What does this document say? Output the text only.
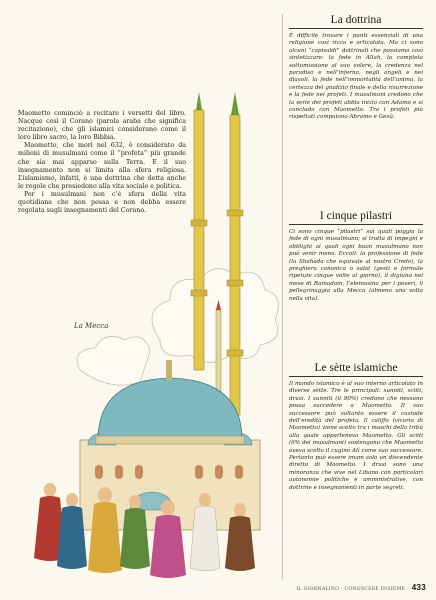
Maometto cominciò a recitare i versetti del libro. Nacque così il Corano (parola araba che significa recitazione), che gli islamici considerano come il loro libro sacro, la loro Bibbia.

Maometto, che morì nel 632, è considerato da milioni di musulmani come il “profeta” più grande che sia mai apparso sulla Terra. E il suo insegnamento non si limita alla sfera religiosa. L’islamismo, infatti, è una dottrina che detta anche le regole che presiedono alla vita sociale e politica.

Per i musulmani non c’è sfera della vita quotidiana che non possa e non debba essere regolata sugli insegnamenti del Corano.

La Mecca
La dottrina
È difficile trovare i punti essenziali di una religione così ricca e articolata. Ma ci sono alcuni “capisaldi” dottrinali che possiamo così sintetizzare: la fede in Allah, la completa sottomissione al suo volere, la credenza nel paradiso e nell’inferno, negli angeli e nei diavoli, la fede nell’immortalità dell’anima, la certezza del giudizio finale e della risurrezione e la fede nei profeti. I musulmani credono che la serie dei profeti abbia inizio con Adamo e si concluda con Maometto. Tra i profeti più rispettati compaiono Abramo e Gesù.
I cinque pilastri
Ci sono cinque “pilastri” sui quali poggia la fede di ogni musulmano; si tratta di impegni e obblighi ai quali ogni buon musulmano non può venir meno. Eccoli: la professione di fede (la Shahada che equivale al nostro Credo), la preghiera canonica o salat (gesti e formule ripetute cinque volte al giorno), il digiuno nel mese di Ramadam, l’elemosina per i poveri, il pellegrinaggio alla Mecca (almeno una volta nella vita).
Le sètte islamiche
Il mondo islamico è al suo interno articolato in diverse sètte. Tre le principali: sunniti, sciiti, drusi. I sunniti (il 90%) credono che nessuno possa succedere a Maometto. Il suo successore può soltanto essere il custode dell’eredità del profeta. Il califfo (vicario di Maometto) viene scelto tra i maschi della tribù alla quale apparteneva Maometto. Gli sciiti (9% dei musulmani) sostengono che Maometto aveva scelto il cugino Alì come suo successore. Pertanto può essere imam solo un discendente diretto di Maometto. I drusi sono una minoranza che vive nel Libano con particolari autonomie politiche e amministrative, con dottrine e insegnamenti in parte segreti.
IL GIORNALINO · CONOSCERE INSIEME · 433
